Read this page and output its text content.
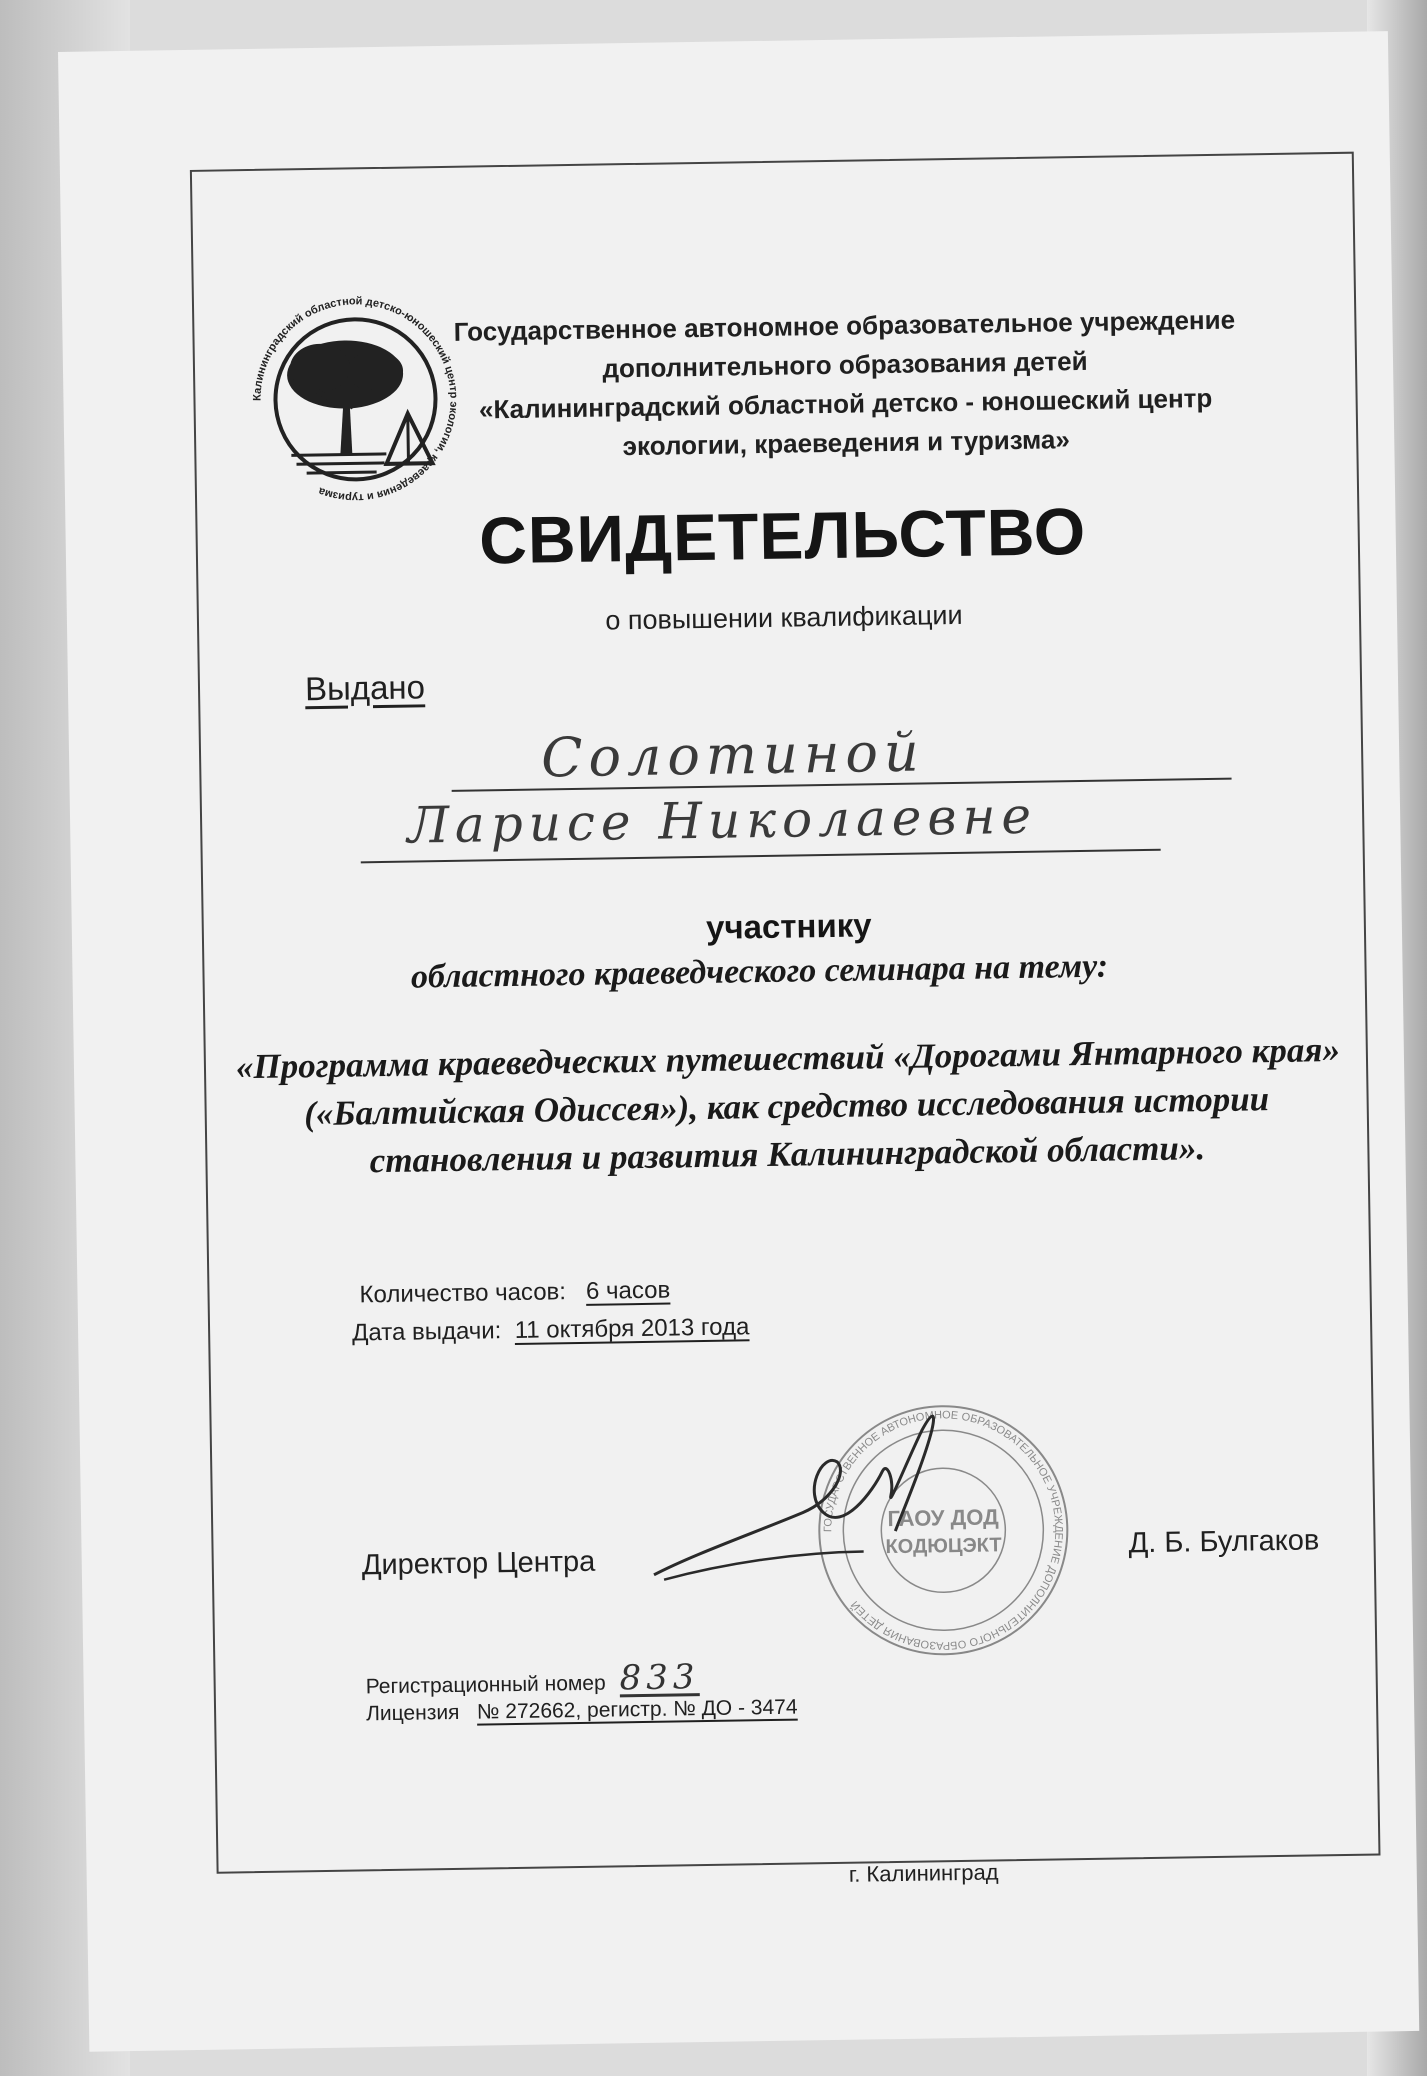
Калининградский областной детско-юношеский центр экологии, краеведения и туризма
Государственное автономное образовательное учреждение
дополнительного образования детей
«Калининградский областной детско - юношеский центр
экологии, краеведения и туризма»
СВИДЕТЕЛЬСТВО
о повышении квалификации
Выдано
Солотиной
Ларисе Николаевне
участнику
областного краеведческого семинара на тему:
«Программа краеведческих путешествий «Дорогами Янтарного края»
(«Балтийская Одиссея»), как средство исследования истории
становления и развития Калининградской области».
Количество часов: 6 часов
Дата выдачи: 11 октября 2013 года
ГОСУДАРСТВЕННОЕ АВТОНОМНОЕ ОБРАЗОВАТЕЛЬНОЕ УЧРЕЖДЕНИЕ ДОПОЛНИТЕЛЬНОГО ОБРАЗОВАНИЯ ДЕТЕЙ
ГАОУ ДОД
КОДЮЦЭКТ
Директор Центра
Д. Б. Булгаков
Регистрационный номер 833
Лицензия № 272662, регистр. № ДО - 3474
г. Калининград
